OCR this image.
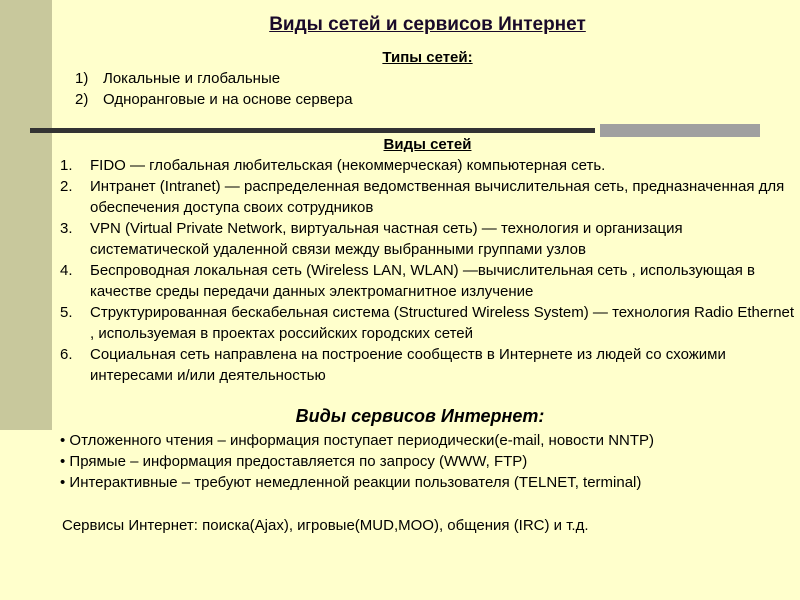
Виды сетей и сервисов Интернет
Типы сетей:
1) Локальные и глобальные
2) Одноранговые и на основе сервера
Виды сетей
1.	FIDO — глобальная любительская (некоммерческая) компьютерная сеть.
2.	Интранет (Intranet) — распределенная ведомственная вычислительная сеть, предназначенная для обеспечения доступа своих сотрудников
3.	VPN (Virtual Private Network, виртуальная частная сеть) — технология и организация систематической удаленной связи между выбранными группами узлов
4.	Беспроводная локальная сеть (Wireless LAN, WLAN) —вычислительная сеть , использующая в качестве среды передачи данных электромагнитное излучение
5.	Структурированная бескабельная система (Structured Wireless System) — технология Radio Ethernet , используемая в проектах российских городских сетей
6.	Социальная сеть направлена на построение сообществ в Интернете из людей со схожими интересами и/или деятельностью
Виды сервисов Интернет:
• Отложенного чтения – информация поступает периодически(e-mail, новости NNTP)
• Прямые – информация предоставляется по запросу (WWW, FTP)
• Интерактивные – требуют немедленной реакции пользователя (TELNET, terminal)
Сервисы Интернет: поиска(Ajax), игровые(MUD,MOO), общения (IRC) и т.д.
